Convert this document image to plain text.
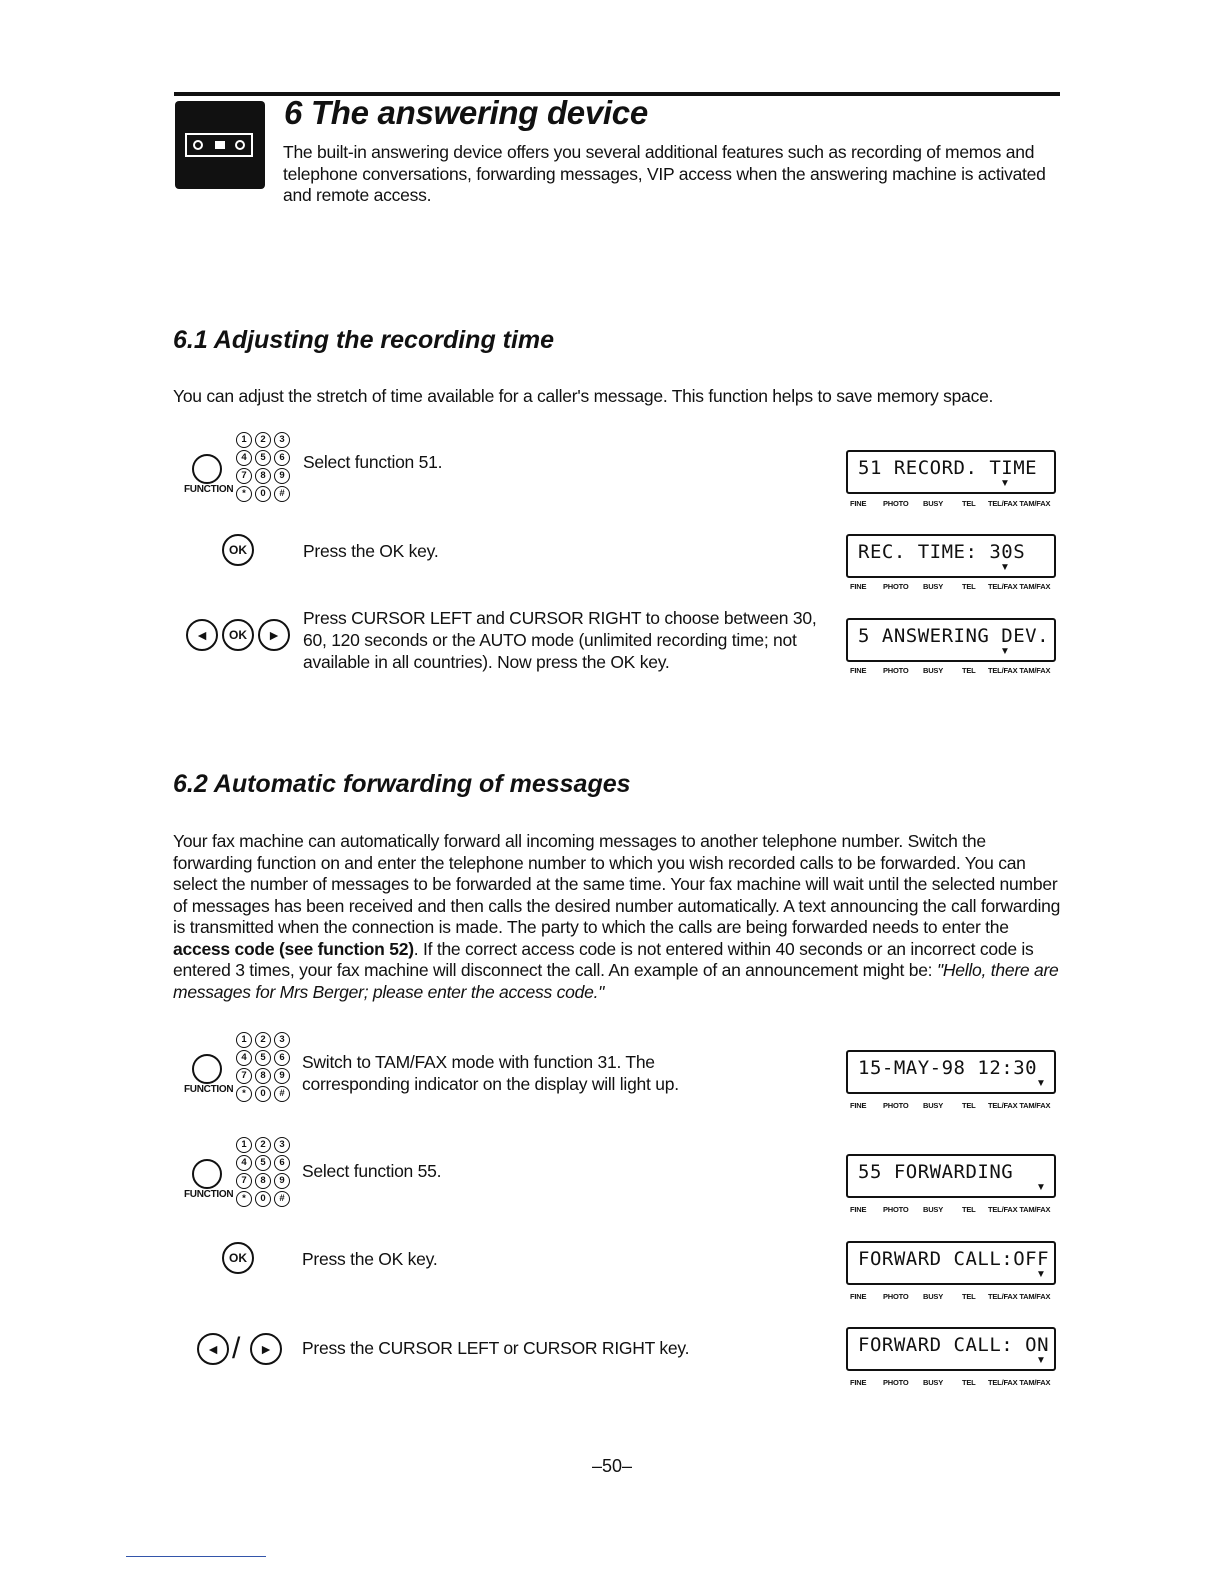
6 The answering device
The built-in answering device offers you several additional features such as recording of memos and telephone conversations, forwarding messages, VIP access when the answering machine is activated and remote access.
6.1 Adjusting the recording time
You can adjust the stretch of time available for a caller's message. This function helps to save memory space.
FUNCTION
1	2	3
4	5	6
7	8	9
*	0	#
Select function 51.	51 RECORD. TIME
▼
FINE PHOTO BUSY	TEL TEL/FAX TAM/FAX
OK	Press the OK key.	REC. TIME: 30S
▼
FINE PHOTO BUSY	TEL TEL/FAX TAM/FAX
◄	OK	►
Press CURSOR LEFT and CURSOR RIGHT to choose between 30, 60, 120 seconds or the AUTO mode (unlimited recording time; not available in all countries). Now press the OK key.
5 ANSWERING DEV.
▼
FINE PHOTO BUSY	TEL TEL/FAX TAM/FAX
6.2 Automatic forwarding of messages
Your fax machine can automatically forward all incoming messages to another telephone number. Switch the forwarding function on and enter the telephone number to which you wish recorded calls to be forwarded. You can select the number of messages to be forwarded at the same time. Your fax machine will wait until the selected number of messages has been received and then calls the desired number automatically. A text announcing the call forwarding is transmitted when the connection is made. The party to which the calls are being forwarded needs to enter the access code (see function 52). If the correct access code is not entered within 40 seconds or an incorrect code is entered 3 times, your fax machine will disconnect the call. An example of an announcement might be: "Hello, there are messages for Mrs Berger; please enter the access code."
FUNCTION
1	2	3
4	5	6
7	8	9
*	0	#
Switch to TAM/FAX mode with function 31. The corresponding indicator on the display will light up.
15-MAY-98 12:30
▼
FINE PHOTO BUSY	TEL TEL/FAX TAM/FAX
FUNCTION
1	2	3
4	5	6
7	8	9
*	0	#
Select function 55.	55 FORWARDING
▼
FINE PHOTO BUSY	TEL TEL/FAX TAM/FAX
OK	Press the OK key.	FORWARD CALL:OFF
▼
FINE PHOTO BUSY	TEL TEL/FAX TAM/FAX
◄ /	►	Press the CURSOR LEFT or CURSOR RIGHT key.	FORWARD CALL: ON
▼
FINE PHOTO BUSY	TEL TEL/FAX TAM/FAX
–50–
